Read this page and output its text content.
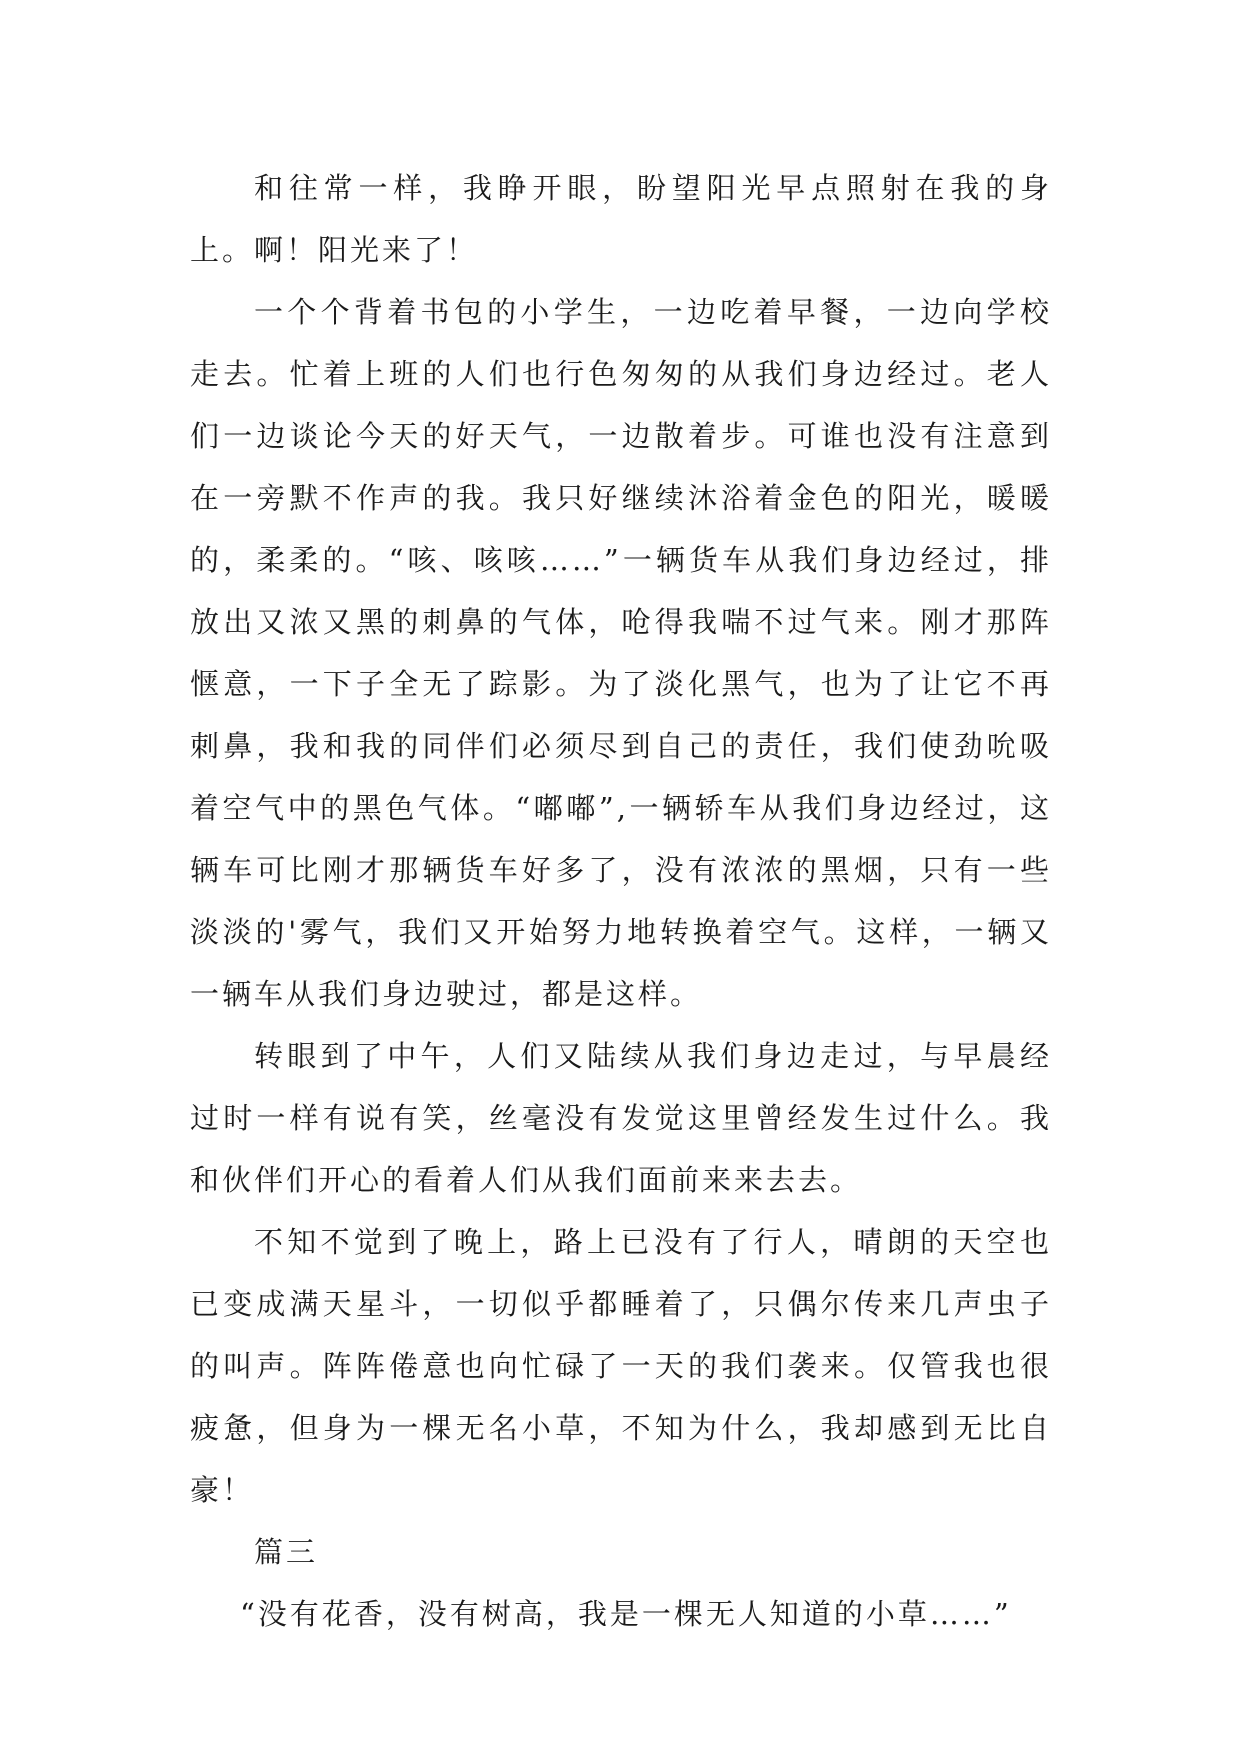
和往常一样，我睁开眼，盼望阳光早点照射在我的身上。啊！阳光来了！

一个个背着书包的小学生，一边吃着早餐，一边向学校走去。忙着上班的人们也行色匆匆的从我们身边经过。老人们一边谈论今天的好天气，一边散着步。可谁也没有注意到在一旁默不作声的我。我只好继续沐浴着金色的阳光，暖暖的，柔柔的。“咳、咳咳……”一辆货车从我们身边经过，排放出又浓又黑的刺鼻的气体，呛得我喘不过气来。刚才那阵惬意，一下子全无了踪影。为了淡化黑气，也为了让它不再刺鼻，我和我的同伴们必须尽到自己的责任，我们使劲吮吸着空气中的黑色气体。“嘟嘟”,一辆轿车从我们身边经过，这辆车可比刚才那辆货车好多了，没有浓浓的黑烟，只有一些淡淡的'雾气，我们又开始努力地转换着空气。这样，一辆又一辆车从我们身边驶过，都是这样。

转眼到了中午，人们又陆续从我们身边走过，与早晨经过时一样有说有笑，丝毫没有发觉这里曾经发生过什么。我和伙伴们开心的看着人们从我们面前来来去去。

不知不觉到了晚上，路上已没有了行人，晴朗的天空也已变成满天星斗，一切似乎都睡着了，只偶尔传来几声虫子的叫声。阵阵倦意也向忙碌了一天的我们袭来。仅管我也很疲惫，但身为一棵无名小草，不知为什么，我却感到无比自豪！

篇三

“没有花香，没有树高，我是一棵无人知道的小草……”
